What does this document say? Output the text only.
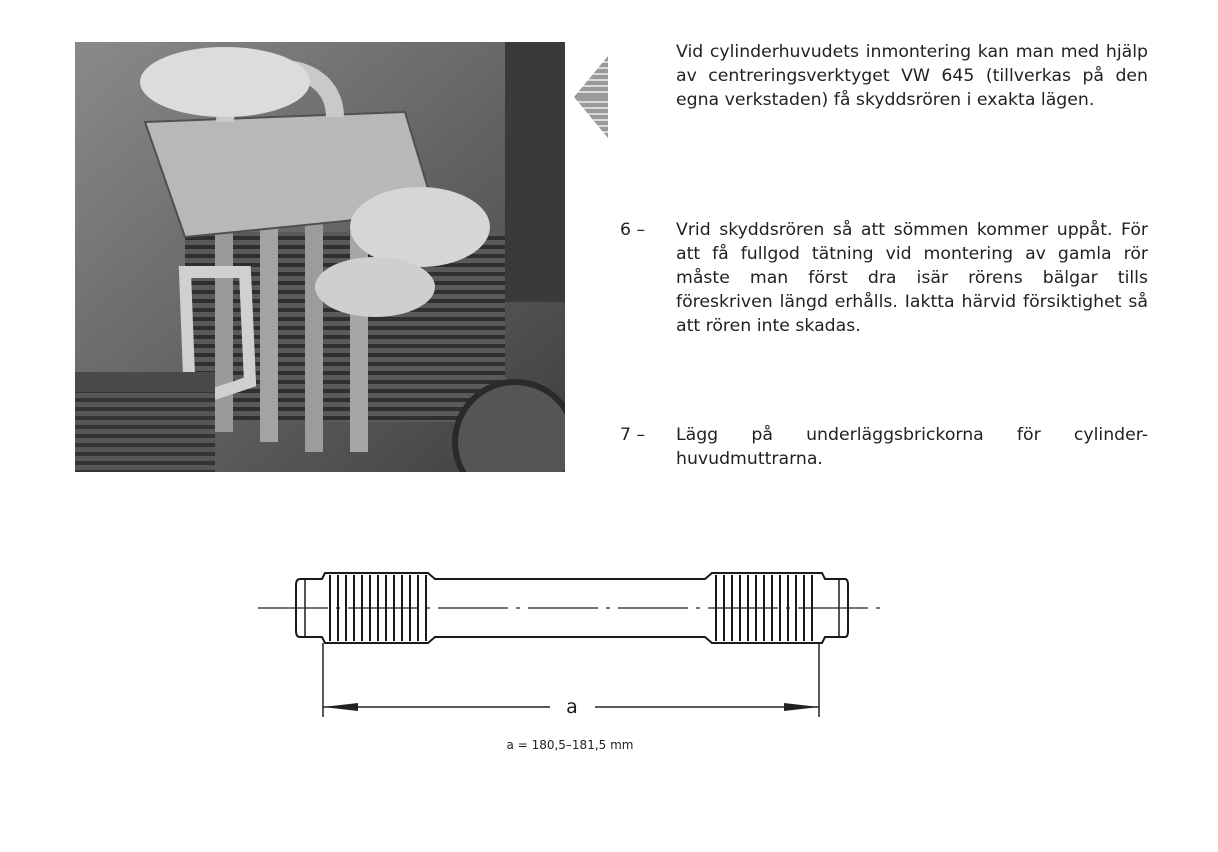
Vid cylinderhuvudets inmontering kan man med hjälp av centreringsverktyget VW 645 (tillverkas på den egna verkstaden) få skyddsrören i exakta lägen.
6 –	Vrid skyddsrören så att sömmen kommer uppåt. För att få fullgod tätning vid montering av gamla rör måste man först dra isär rörens bälgar tills föreskriven längd erhålls. Iaktta härvid försiktighet så att rören inte skadas.
7 –	Lägg på underläggsbrickorna för cylinder-huvudmuttrarna.
a
a = 180,5–181,5 mm
